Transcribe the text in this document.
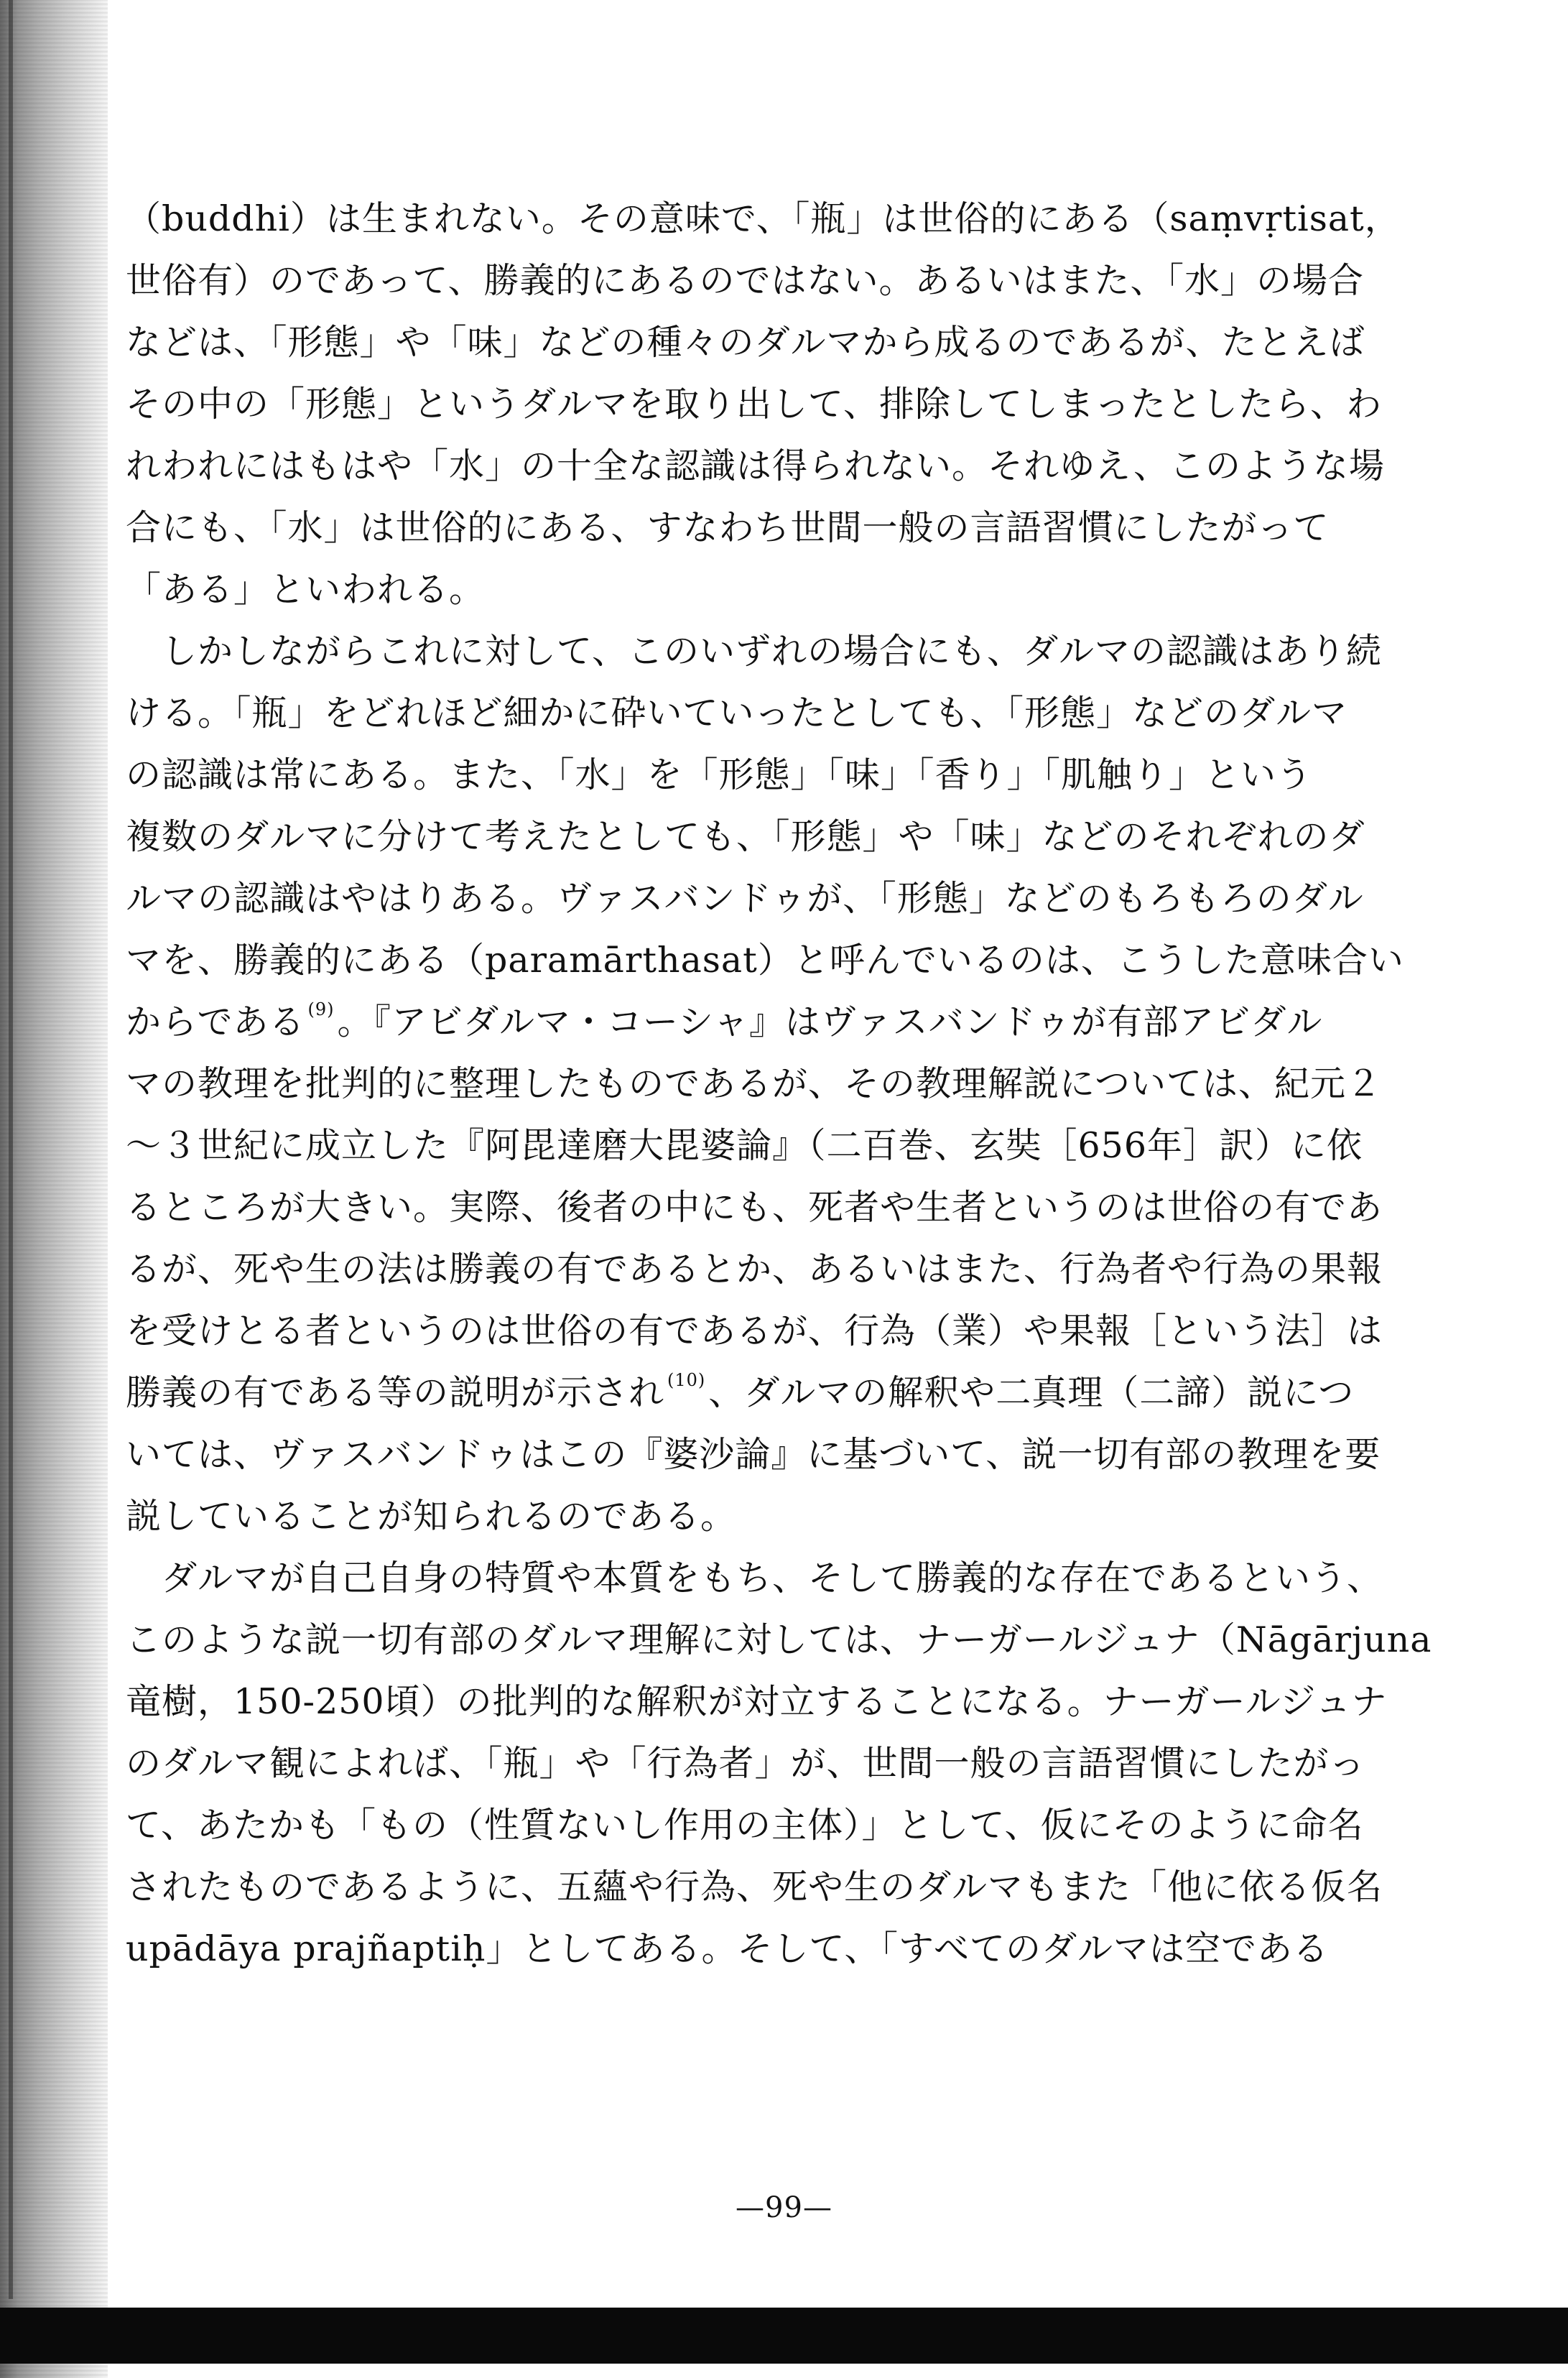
（buddhi）は生まれない。その意味で、「瓶」は世俗的にある（saṃvṛtisat，
世俗有）のであって、勝義的にあるのではない。あるいはまた、「水」の場合
などは、「形態」や「味」などの種々のダルマから成るのであるが、たとえば
その中の「形態」というダルマを取り出して、排除してしまったとしたら、わ
れわれにはもはや「水」の十全な認識は得られない。それゆえ、このような場
合にも、「水」は世俗的にある、すなわち世間一般の言語習慣にしたがって
「ある」といわれる。
　しかしながらこれに対して、このいずれの場合にも、ダルマの認識はあり続
ける。「瓶」をどれほど細かに砕いていったとしても、「形態」などのダルマ
の認識は常にある。また、「水」を「形態」「味」「香り」「肌触り」という
複数のダルマに分けて考えたとしても、「形態」や「味」などのそれぞれのダ
ルマの認識はやはりある。ヴァスバンドゥが、「形態」などのもろもろのダル
マを、勝義的にある（paramārthasat）と呼んでいるのは、こうした意味合い
からである $^{(9)}$。『アビダルマ・コーシャ』はヴァスバンドゥが有部アビダル
マの教理を批判的に整理したものであるが、その教理解説については、紀元２
～３世紀に成立した『阿毘達磨大毘婆論』（二百巻、玄奘［656年］訳）に依
るところが大きい。実際、後者の中にも、死者や生者というのは世俗の有であ
るが、死や生の法は勝義の有であるとか、あるいはまた、行為者や行為の果報
を受けとる者というのは世俗の有であるが、行為（業）や果報［という法］は
勝義の有である等の説明が示され $^{(10)}$、ダルマの解釈や二真理（二諦）説につ
いては、ヴァスバンドゥはこの『婆沙論』に基づいて、説一切有部の教理を要
説していることが知られるのである。
　ダルマが自己自身の特質や本質をもち、そして勝義的な存在であるという、
このような説一切有部のダルマ理解に対しては、ナーガールジュナ（Nāgārjuna
竜樹，150-250頃）の批判的な解釈が対立することになる。ナーガールジュナ
のダルマ観によれば、「瓶」や「行為者」が、世間一般の言語習慣にしたがっ
て、あたかも「もの（性質ないし作用の主体）」として、仮にそのように命名
されたものであるように、五蘊や行為、死や生のダルマもまた「他に依る仮名
upādāya prajñaptiḥ」としてある。そして、「すべてのダルマは空である
—99—
